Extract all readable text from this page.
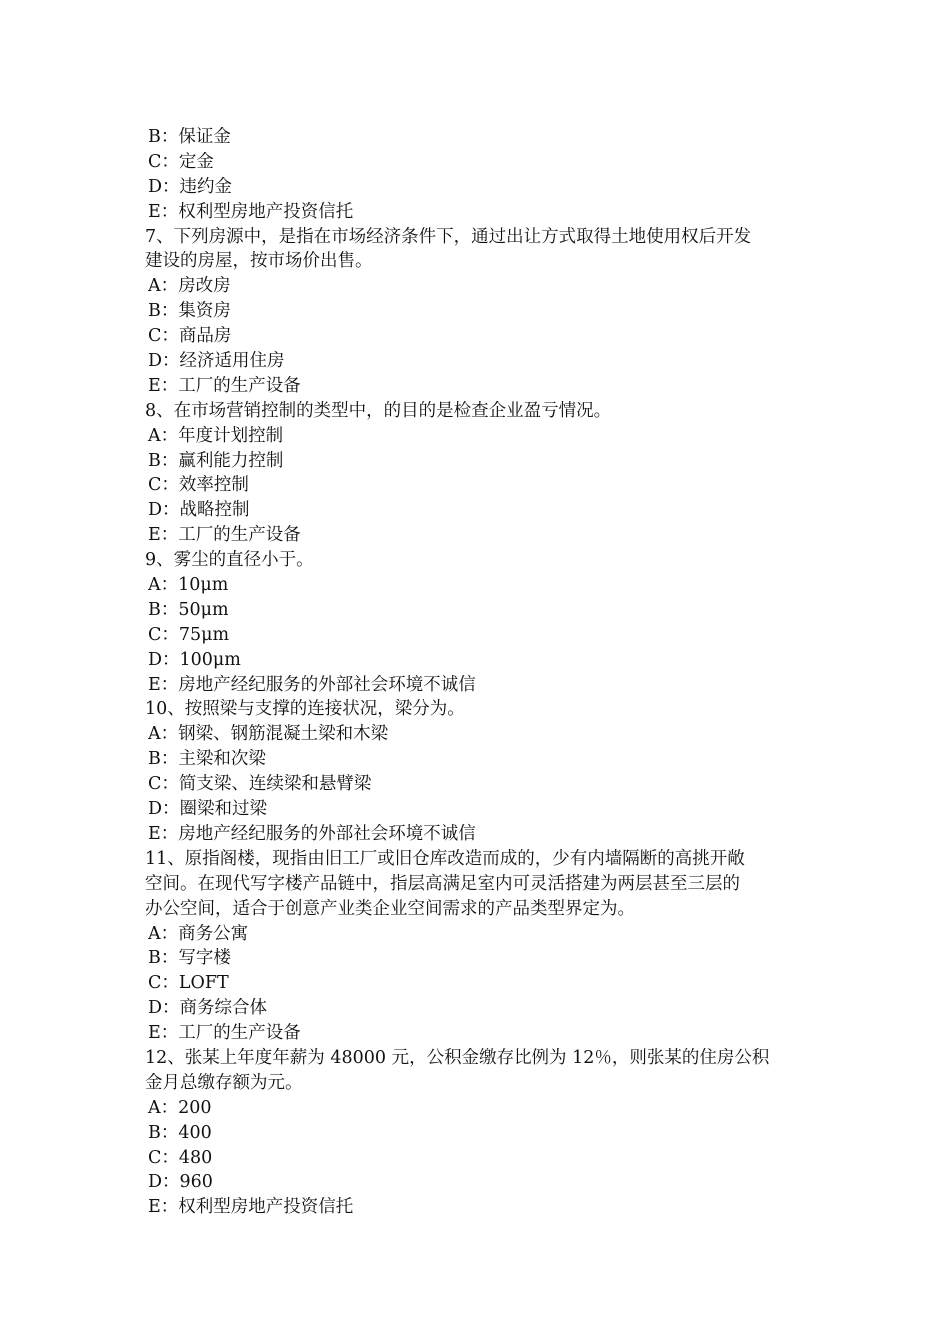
B：保证金
C：定金
D：违约金
E：权利型房地产投资信托
7、下列房源中，是指在市场经济条件下，通过出让方式取得土地使用权后开发
建设的房屋，按市场价出售。
A：房改房
B：集资房
C：商品房
D：经济适用住房
E：工厂的生产设备
8、在市场营销控制的类型中，的目的是检查企业盈亏情况。
A：年度计划控制
B：赢利能力控制
C：效率控制
D：战略控制
E：工厂的生产设备
9、雾尘的直径小于。
A：10μm
B：50μm
C：75μm
D：100μm
E：房地产经纪服务的外部社会环境不诚信
10、按照梁与支撑的连接状况，梁分为。
A：钢梁、钢筋混凝土梁和木梁
B：主梁和次梁
C：简支梁、连续梁和悬臂梁
D：圈梁和过梁
E：房地产经纪服务的外部社会环境不诚信
11、原指阁楼，现指由旧工厂或旧仓库改造而成的，少有内墙隔断的高挑开敞
空间。在现代写字楼产品链中，指层高满足室内可灵活搭建为两层甚至三层的
办公空间，适合于创意产业类企业空间需求的产品类型界定为。
A：商务公寓
B：写字楼
C：LOFT
D：商务综合体
E：工厂的生产设备
12、张某上年度年薪为 48000 元，公积金缴存比例为 12％，则张某的住房公积
金月总缴存额为元。
A：200
B：400
C：480
D：960
E：权利型房地产投资信托
